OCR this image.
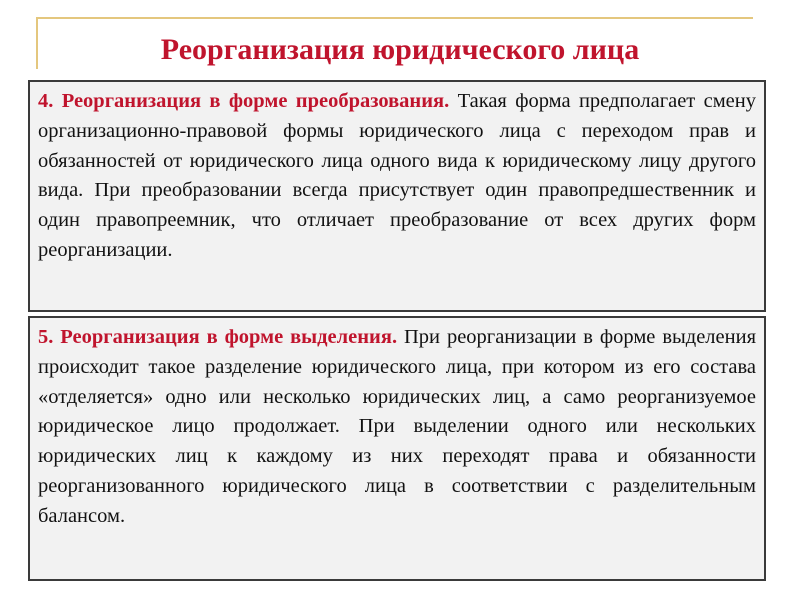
Реорганизация юридического лица
4. Реорганизация в форме преобразования. Такая форма предполагает смену организационно-правовой формы юридического лица с переходом прав и обязанностей от юридического лица одного вида к юридическому лицу другого вида. При преобразовании всегда присутствует один правопредшественник и один правопреемник, что отличает преобразование от всех других форм реорганизации.
5. Реорганизация в форме выделения. При реорганизации в форме выделения происходит такое разделение юридического лица, при котором из его состава «отделяется» одно или несколько юридических лиц, а само реорганизуемое юридическое лицо продолжает. При выделении одного или нескольких юридических лиц к каждому из них переходят права и обязанности реорганизованного юридического лица в соответствии с разделительным балансом.
